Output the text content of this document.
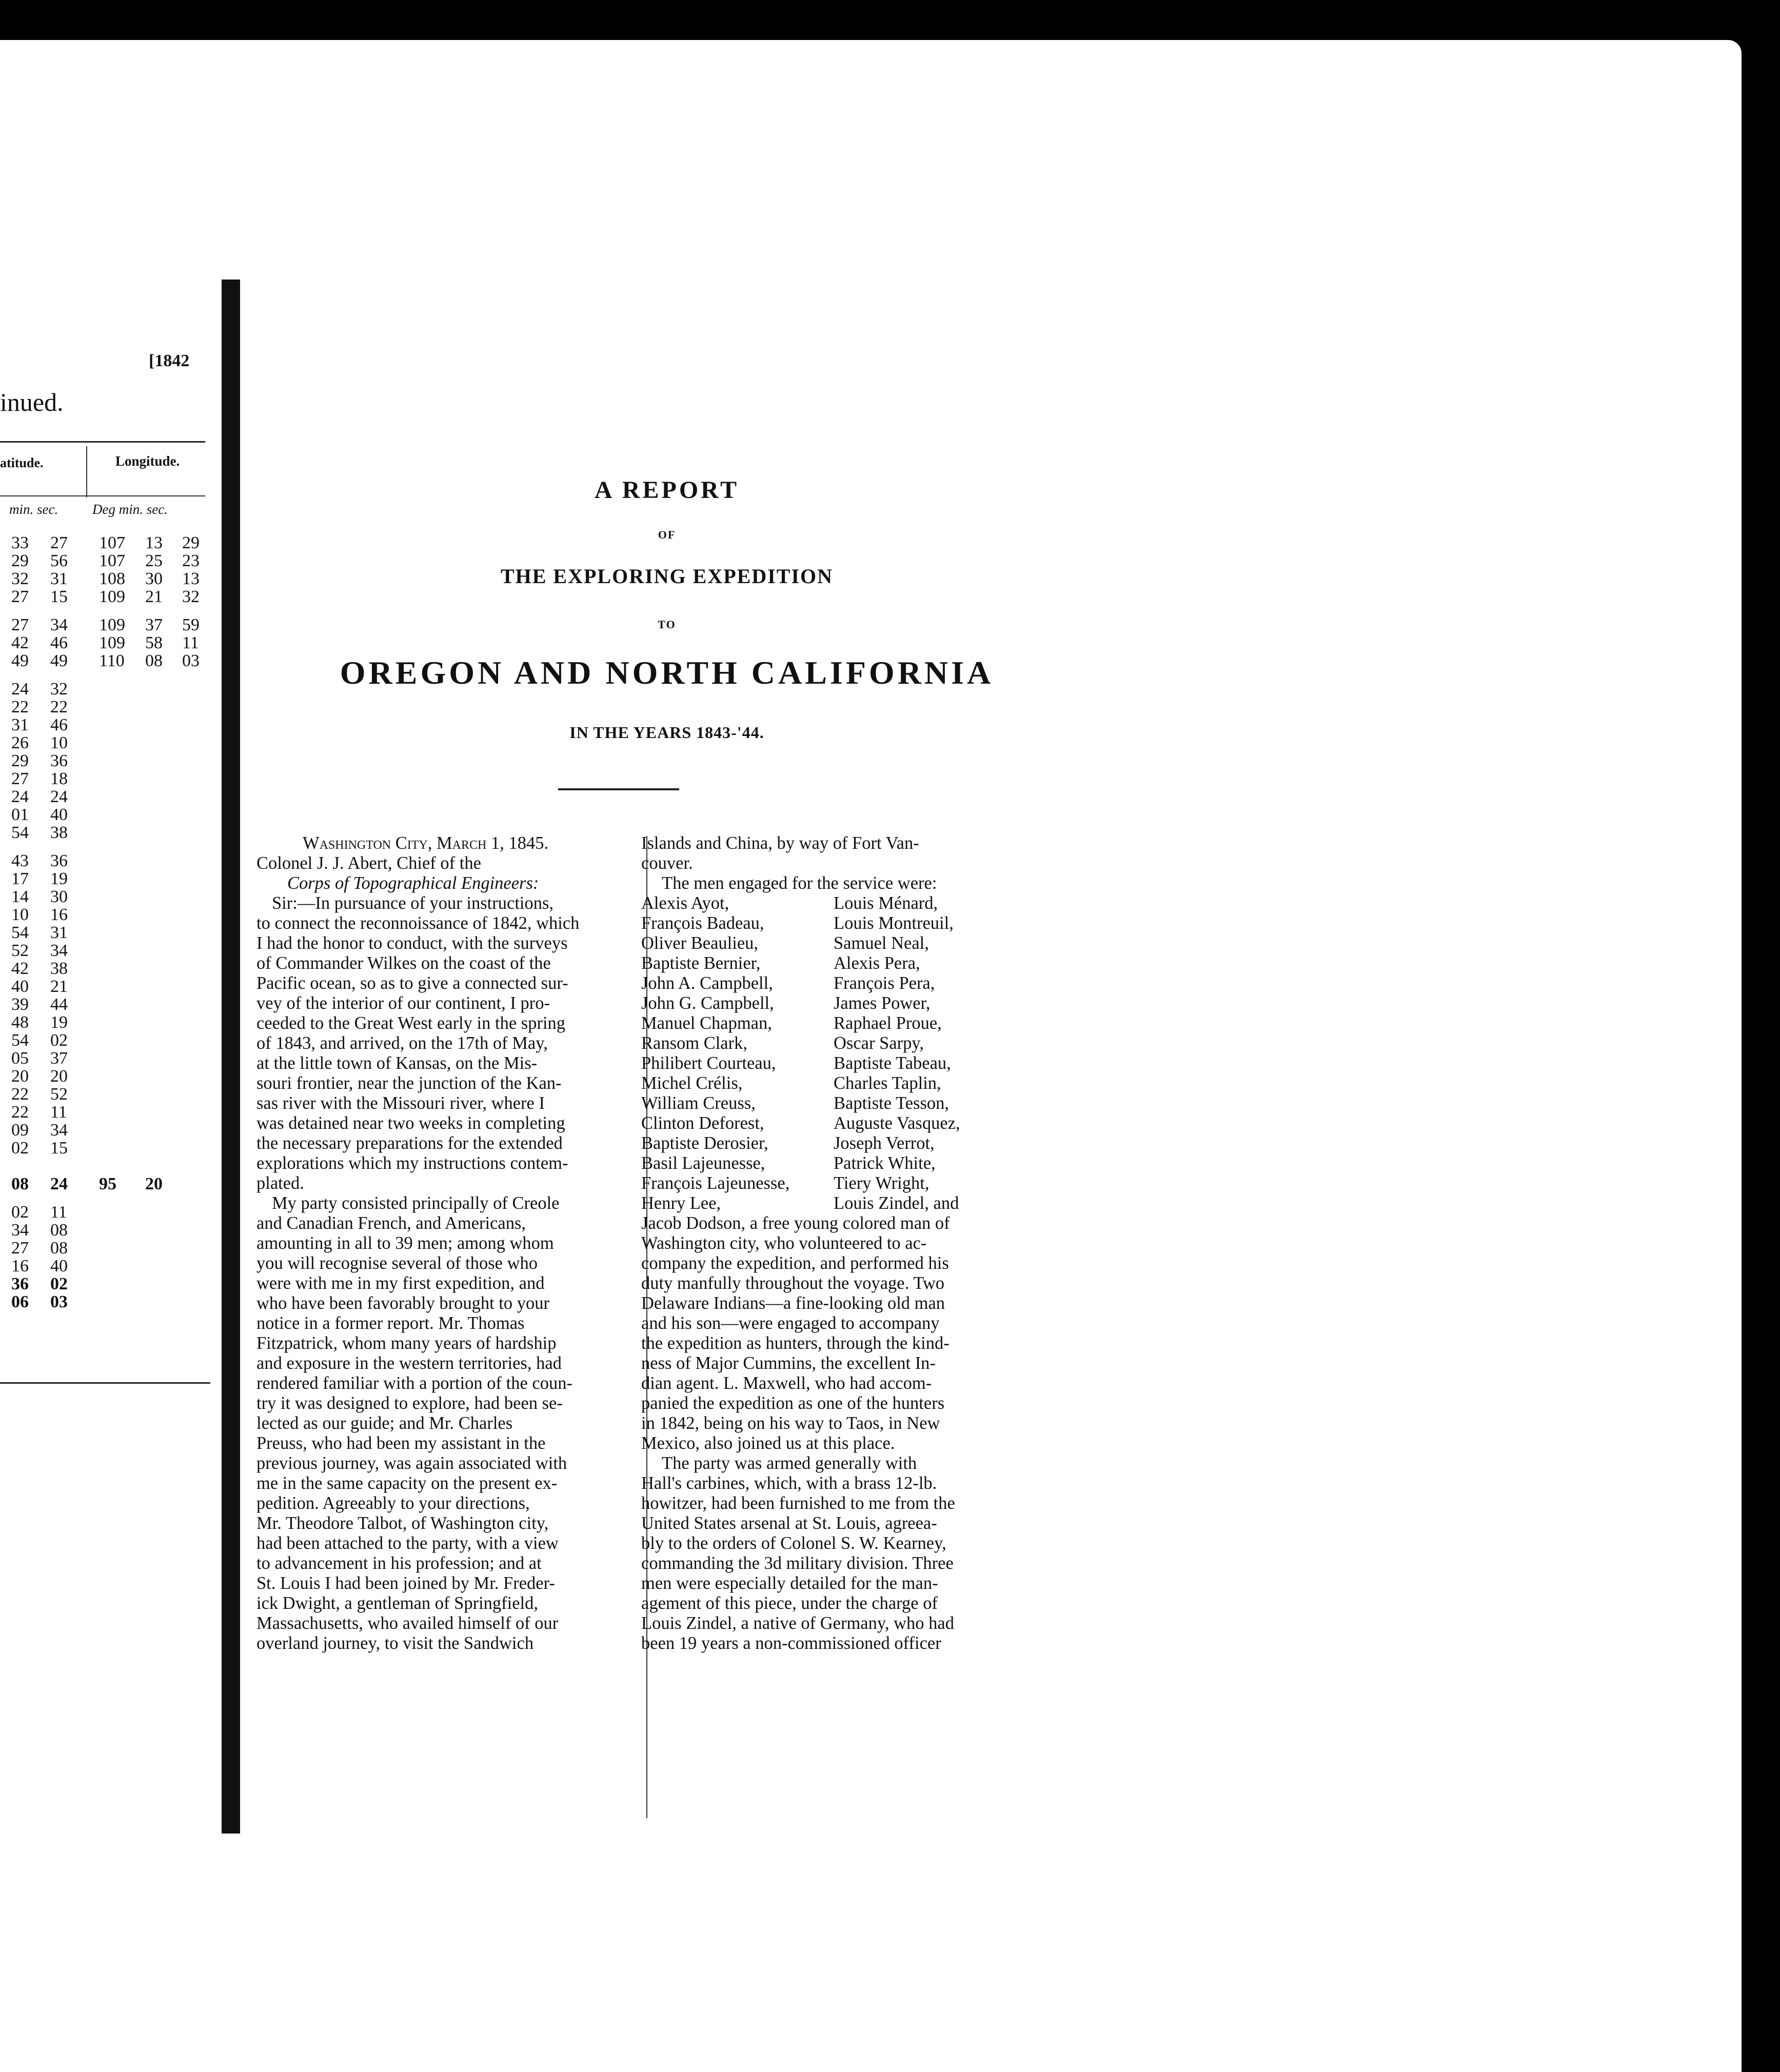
[1842
inued.
atitude.	Longitude.
min. sec. Deg min. sec.
33	27	107	13	29
29	56	107	25	23
32	31	108	30	13
27	15	109	21	32
27	34	109	37	59
42	46	109	58	11
49	49	110	08	03
24	32
22	22
31	46
26	10
29	36
27	18
24	24
01	40
54	38
43	36
17	19
14	30
10	16
54	31
52	34
42	38
40	21
39	44
48	19
54	02
05	37
20	20
22	52
22	11
09	34
02	15
08	24	95	20
02	11
34	08
27	08
16	40
36	02
06	03
A REPORT
OF
THE EXPLORING EXPEDITION
TO
OREGON AND NORTH CALIFORNIA
IN THE YEARS 1843-'44.
Washington City, March 1, 1845.
Colonel J. J. Abert, Chief of the
Corps of Topographical Engineers:
Sir:—In pursuance of your instructions,
to connect the reconnoissance of 1842, which
I had the honor to conduct, with the surveys
of Commander Wilkes on the coast of the
Pacific ocean, so as to give a connected sur-
vey of the interior of our continent, I pro-
ceeded to the Great West early in the spring
of 1843, and arrived, on the 17th of May,
at the little town of Kansas, on the Mis-
souri frontier, near the junction of the Kan-
sas river with the Missouri river, where I
was detained near two weeks in completing
the necessary preparations for the extended
explorations which my instructions contem-
plated.
My party consisted principally of Creole
and Canadian French, and Americans,
amounting in all to 39 men; among whom
you will recognise several of those who
were with me in my first expedition, and
who have been favorably brought to your
notice in a former report. Mr. Thomas
Fitzpatrick, whom many years of hardship
and exposure in the western territories, had
rendered familiar with a portion of the coun-
try it was designed to explore, had been se-
lected as our guide; and Mr. Charles
Preuss, who had been my assistant in the
previous journey, was again associated with
me in the same capacity on the present ex-
pedition. Agreeably to your directions,
Mr. Theodore Talbot, of Washington city,
had been attached to the party, with a view
to advancement in his profession; and at
St. Louis I had been joined by Mr. Freder-
ick Dwight, a gentleman of Springfield,
Massachusetts, who availed himself of our
overland journey, to visit the Sandwich
Islands and China, by way of Fort Van-
couver.
The men engaged for the service were:
Alexis Ayot,	Louis Ménard,
François Badeau,	Louis Montreuil,
Oliver Beaulieu,	Samuel Neal,
Baptiste Bernier,	Alexis Pera,
John A. Campbell,	François Pera,
John G. Campbell,	James Power,
Manuel Chapman,	Raphael Proue,
Ransom Clark,	Oscar Sarpy,
Philibert Courteau,	Baptiste Tabeau,
Michel Crélis,	Charles Taplin,
William Creuss,	Baptiste Tesson,
Clinton Deforest,	Auguste Vasquez,
Baptiste Derosier,	Joseph Verrot,
Basil Lajeunesse,	Patrick White,
François Lajeunesse, Tiery Wright,
Henry Lee,	Louis Zindel, and
Jacob Dodson, a free young colored man of
Washington city, who volunteered to ac-
company the expedition, and performed his
duty manfully throughout the voyage. Two
Delaware Indians—a fine-looking old man
and his son—were engaged to accompany
the expedition as hunters, through the kind-
ness of Major Cummins, the excellent In-
dian agent. L. Maxwell, who had accom-
panied the expedition as one of the hunters
in 1842, being on his way to Taos, in New
Mexico, also joined us at this place.
The party was armed generally with
Hall's carbines, which, with a brass 12-lb.
howitzer, had been furnished to me from the
United States arsenal at St. Louis, agreea-
bly to the orders of Colonel S. W. Kearney,
commanding the 3d military division. Three
men were especially detailed for the man-
agement of this piece, under the charge of
Louis Zindel, a native of Germany, who had
been 19 years a non-commissioned officer
